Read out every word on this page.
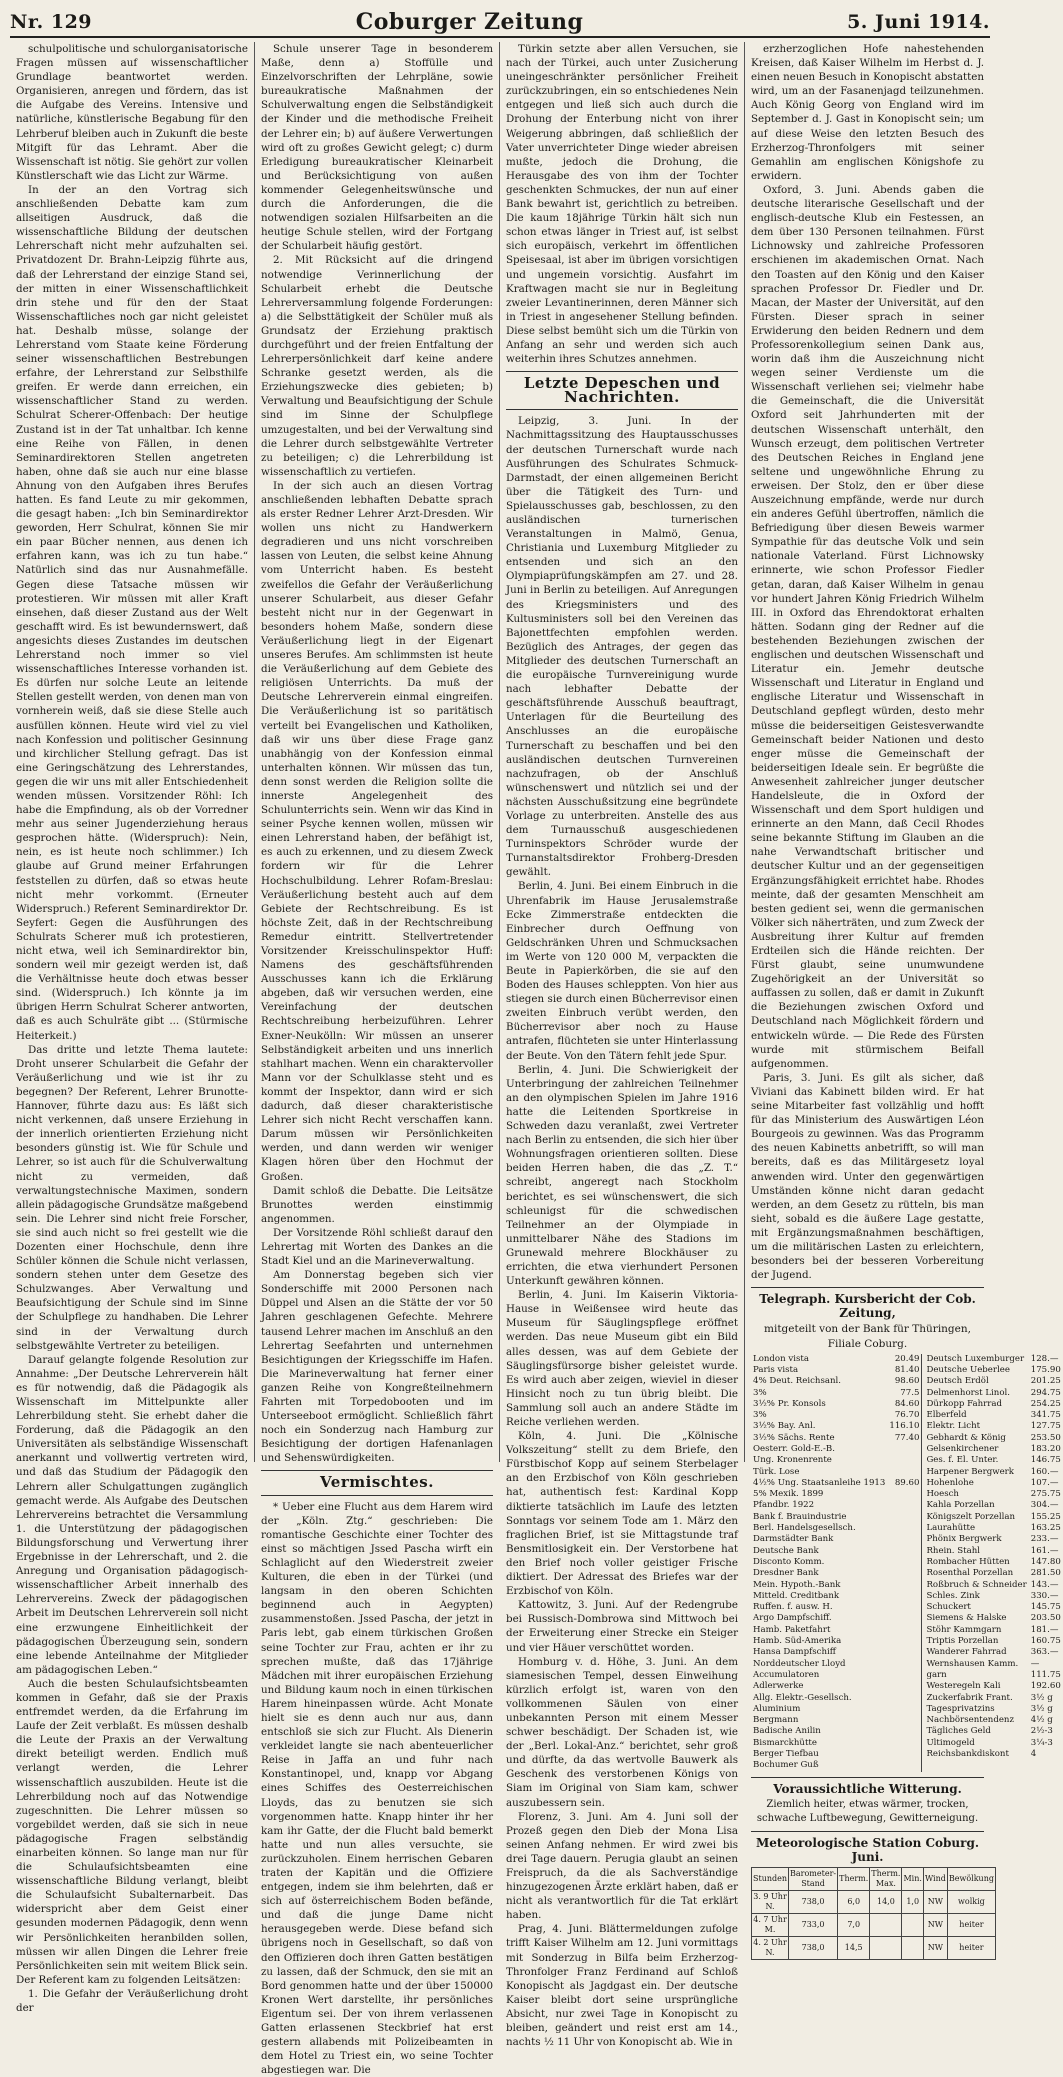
Nr. 129	Coburger Zeitung	5. Juni 1914.

schulpolitische und schulorganisatorische Fragen müssen auf wissenschaftlicher Grundlage beantwortet werden. Organisieren, anregen und fördern, das ist die Aufgabe des Vereins. Intensive und natürliche, künstlerische Begabung für den Lehrberuf bleiben auch in Zukunft die beste Mitgift für das Lehramt. Aber die Wissenschaft ist nötig. Sie gehört zur vollen Künstlerschaft wie das Licht zur Wärme.

In der an den Vortrag sich anschließenden Debatte kam zum allseitigen Ausdruck, daß die wissenschaftliche Bildung der deutschen Lehrerschaft nicht mehr aufzuhalten sei. Privatdozent Dr. Brahn-Leipzig führte aus, daß der Lehrerstand der einzige Stand sei, der mitten in einer Wissenschaftlichkeit drin stehe und für den der Staat Wissenschaftliches noch gar nicht geleistet hat. Deshalb müsse, solange der Lehrerstand vom Staate keine Förderung seiner wissenschaftlichen Bestrebungen erfahre, der Lehrerstand zur Selbsthilfe greifen. Er werde dann erreichen, ein wissenschaftlicher Stand zu werden. Schulrat Scherer-Offenbach: Der heutige Zustand ist in der Tat unhaltbar. Ich kenne eine Reihe von Fällen, in denen Seminardirektoren Stellen angetreten haben, ohne daß sie auch nur eine blasse Ahnung von den Aufgaben ihres Berufes hatten. Es fand Leute zu mir gekommen, die gesagt haben: „Ich bin Seminardirektor geworden, Herr Schulrat, können Sie mir ein paar Bücher nennen, aus denen ich erfahren kann, was ich zu tun habe.“ Natürlich sind das nur Ausnahmefälle. Gegen diese Tatsache müssen wir protestieren. Wir müssen mit aller Kraft einsehen, daß dieser Zustand aus der Welt geschafft wird. Es ist bewundernswert, daß angesichts dieses Zustandes im deutschen Lehrerstand noch immer so viel wissenschaftliches Interesse vorhanden ist. Es dürfen nur solche Leute an leitende Stellen gestellt werden, von denen man von vornherein weiß, daß sie diese Stelle auch ausfüllen können. Heute wird viel zu viel nach Konfession und politischer Gesinnung und kirchlicher Stellung gefragt. Das ist eine Geringschätzung des Lehrerstandes, gegen die wir uns mit aller Entschiedenheit wenden müssen. Vorsitzender Röhl: Ich habe die Empfindung, als ob der Vorredner mehr aus seiner Jugenderziehung heraus gesprochen hätte. (Widerspruch): Nein, nein, es ist heute noch schlimmer.) Ich glaube auf Grund meiner Erfahrungen feststellen zu dürfen, daß so etwas heute nicht mehr vorkommt. (Erneuter Widerspruch.) Referent Seminardirektor Dr. Seyfert: Gegen die Ausführungen des Schulrats Scherer muß ich protestieren, nicht etwa, weil ich Seminardirektor bin, sondern weil mir gezeigt werden ist, daß die Verhältnisse heute doch etwas besser sind. (Widerspruch.) Ich könnte ja im übrigen Herrn Schulrat Scherer antworten, daß es auch Schulräte gibt ... (Stürmische Heiterkeit.)

Das dritte und letzte Thema lautete: Droht unserer Schularbeit die Gefahr der Veräußerlichung und wie ist ihr zu begegnen? Der Referent, Lehrer Brunotte-Hannover, führte dazu aus: Es läßt sich nicht verkennen, daß unsere Erziehung in der innerlich orientierten Erziehung nicht besonders günstig ist. Wie für Schule und Lehrer, so ist auch für die Schulverwaltung nicht zu vermeiden, daß verwaltungstechnische Maximen, sondern allein pädagogische Grundsätze maßgebend sein. Die Lehrer sind nicht freie Forscher, sie sind auch nicht so frei gestellt wie die Dozenten einer Hochschule, denn ihre Schüler können die Schule nicht verlassen, sondern stehen unter dem Gesetze des Schulzwanges. Aber Verwaltung und Beaufsichtigung der Schule sind im Sinne der Schulpflege zu handhaben. Die Lehrer sind in der Verwaltung durch selbstgewählte Vertreter zu beteiligen.

Darauf gelangte folgende Resolution zur Annahme: „Der Deutsche Lehrerverein hält es für notwendig, daß die Pädagogik als Wissenschaft im Mittelpunkte aller Lehrerbildung steht. Sie erhebt daher die Forderung, daß die Pädagogik an den Universitäten als selbständige Wissenschaft anerkannt und vollwertig vertreten wird, und daß das Studium der Pädagogik den Lehrern aller Schulgattungen zugänglich gemacht werde. Als Aufgabe des Deutschen Lehrervereins betrachtet die Versammlung 1. die Unterstützung der pädagogischen Bildungsforschung und Verwertung ihrer Ergebnisse in der Lehrerschaft, und 2. die Anregung und Organisation pädagogisch-wissenschaftlicher Arbeit innerhalb des Lehrervereins. Zweck der pädagogischen Arbeit im Deutschen Lehrerverein soll nicht eine erzwungene Einheitlichkeit der pädagogischen Überzeugung sein, sondern eine lebende Anteilnahme der Mitglieder am pädagogischen Leben.“

Auch die besten Schulaufsichtsbeamten kommen in Gefahr, daß sie der Praxis entfremdet werden, da die Erfahrung im Laufe der Zeit verblaßt. Es müssen deshalb die Leute der Praxis an der Verwaltung direkt beteiligt werden. Endlich muß verlangt werden, die Lehrer wissenschaftlich auszubilden. Heute ist die Lehrerbildung noch auf das Notwendige zugeschnitten. Die Lehrer müssen so vorgebildet werden, daß sie sich in neue pädagogische Fragen selbständig einarbeiten können. So lange man nur für die Schulaufsichtsbeamten eine wissenschaftliche Bildung verlangt, bleibt die Schulaufsicht Subalternarbeit. Das widerspricht aber dem Geist einer gesunden modernen Pädagogik, denn wenn wir Persönlichkeiten heranbilden sollen, müssen wir allen Dingen die Lehrer freie Persönlichkeiten sein mit weitem Blick sein. Der Referent kam zu folgenden Leitsätzen:

1. Die Gefahr der Veräußerlichung droht der

Schule unserer Tage in besonderem Maße, denn a) Stoffülle und Einzelvorschriften der Lehrpläne, sowie bureaukratische Maßnahmen der Schulverwaltung engen die Selbständigkeit der Kinder und die methodische Freiheit der Lehrer ein; b) auf äußere Verwertungen wird oft zu großes Gewicht gelegt; c) durm Erledigung bureaukratischer Kleinarbeit und Berücksichtigung von außen kommender Gelegenheitswünsche und durch die Anforderungen, die die notwendigen sozialen Hilfsarbeiten an die heutige Schule stellen, wird der Fortgang der Schularbeit häufig gestört.

2. Mit Rücksicht auf die dringend notwendige Verinnerlichung der Schularbeit erhebt die Deutsche Lehrerversammlung folgende Forderungen: a) die Selbsttätigkeit der Schüler muß als Grundsatz der Erziehung praktisch durchgeführt und der freien Entfaltung der Lehrerpersönlichkeit darf keine andere Schranke gesetzt werden, als die Erziehungszwecke dies gebieten; b) Verwaltung und Beaufsichtigung der Schule sind im Sinne der Schulpflege umzugestalten, und bei der Verwaltung sind die Lehrer durch selbstgewählte Vertreter zu beteiligen; c) die Lehrerbildung ist wissenschaftlich zu vertiefen.

In der sich auch an diesen Vortrag anschließenden lebhaften Debatte sprach als erster Redner Lehrer Arzt-Dresden. Wir wollen uns nicht zu Handwerkern degradieren und uns nicht vorschreiben lassen von Leuten, die selbst keine Ahnung vom Unterricht haben. Es besteht zweifellos die Gefahr der Veräußerlichung unserer Schularbeit, aus dieser Gefahr besteht nicht nur in der Gegenwart in besonders hohem Maße, sondern diese Veräußerlichung liegt in der Eigenart unseres Berufes. Am schlimmsten ist heute die Veräußerlichung auf dem Gebiete des religiösen Unterrichts. Da muß der Deutsche Lehrerverein einmal eingreifen. Die Veräußerlichung ist so paritätisch verteilt bei Evangelischen und Katholiken, daß wir uns über diese Frage ganz unabhängig von der Konfession einmal unterhalten können. Wir müssen das tun, denn sonst werden die Religion sollte die innerste Angelegenheit des Schulunterrichts sein. Wenn wir das Kind in seiner Psyche kennen wollen, müssen wir einen Lehrerstand haben, der befähigt ist, es auch zu erkennen, und zu diesem Zweck fordern wir für die Lehrer Hochschulbildung. Lehrer Rofam-Breslau: Veräußerlichung besteht auch auf dem Gebiete der Rechtschreibung. Es ist höchste Zeit, daß in der Rechtschreibung Remedur eintritt. Stellvertretender Vorsitzender Kreisschulinspektor Huff: Namens des geschäftsführenden Ausschusses kann ich die Erklärung abgeben, daß wir versuchen werden, eine Vereinfachung der deutschen Rechtschreibung herbeizuführen. Lehrer Exner-Neukölln: Wir müssen an unserer Selbständigkeit arbeiten und uns innerlich stahlhart machen. Wenn ein charaktervoller Mann vor der Schulklasse steht und es kommt der Inspektor, dann wird er sich dadurch, daß dieser charakteristische Lehrer sich nicht Recht verschaffen kann. Darum müssen wir Persönlichkeiten werden, und dann werden wir weniger Klagen hören über den Hochmut der Großen.

Damit schloß die Debatte. Die Leitsätze Brunottes werden einstimmig angenommen.

Der Vorsitzende Röhl schließt darauf den Lehrertag mit Worten des Dankes an die Stadt Kiel und an die Marineverwaltung.

Am Donnerstag begeben sich vier Sonderschiffe mit 2000 Personen nach Düppel und Alsen an die Stätte der vor 50 Jahren geschlagenen Gefechte. Mehrere tausend Lehrer machen im Anschluß an den Lehrertag Seefahrten und unternehmen Besichtigungen der Kriegsschiffe im Hafen. Die Marineverwaltung hat ferner einer ganzen Reihe von Kongreßteilnehmern Fahrten mit Torpedobooten und im Unterseeboot ermöglicht. Schließlich fährt noch ein Sonderzug nach Hamburg zur Besichtigung der dortigen Hafenanlagen und Sehenswürdigkeiten.

Vermischtes.

* Ueber eine Flucht aus dem Harem wird der „Köln. Ztg.“ geschrieben: Die romantische Geschichte einer Tochter des einst so mächtigen Jssed Pascha wirft ein Schlaglicht auf den Wiederstreit zweier Kulturen, die eben in der Türkei (und langsam in den oberen Schichten beginnend auch in Aegypten) zusammenstoßen. Jssed Pascha, der jetzt in Paris lebt, gab einem türkischen Großen seine Tochter zur Frau, achten er ihr zu sprechen mußte, daß das 17jährige Mädchen mit ihrer europäischen Erziehung und Bildung kaum noch in einen türkischen Harem hineinpassen würde. Acht Monate hielt sie es denn auch nur aus, dann entschloß sie sich zur Flucht. Als Dienerin verkleidet langte sie nach abenteuerlicher Reise in Jaffa an und fuhr nach Konstantinopel, und, knapp vor Abgang eines Schiffes des Oesterreichischen Lloyds, das zu benutzen sie sich vorgenommen hatte. Knapp hinter ihr her kam ihr Gatte, der die Flucht bald bemerkt hatte und nun alles versuchte, sie zurückzuholen. Einem herrischen Gebaren traten der Kapitän und die Offiziere entgegen, indem sie ihm belehrten, daß er sich auf österreichischem Boden befände, und daß die junge Dame nicht herausgegeben werde. Diese befand sich übrigens noch in Gesellschaft, so daß von den Offizieren doch ihren Gatten bestätigen zu lassen, daß der Schmuck, den sie mit an Bord genommen hatte und der über 150000 Kronen Wert darstellte, ihr persönliches Eigentum sei. Der von ihrem verlassenen Gatten erlassenen Steckbrief hat erst gestern allabends mit Polizeibeamten in dem Hotel zu Triest ein, wo seine Tochter abgestiegen war. Die

Türkin setzte aber allen Versuchen, sie nach der Türkei, auch unter Zusicherung uneingeschränkter persönlicher Freiheit zurückzubringen, ein so entschiedenes Nein entgegen und ließ sich auch durch die Drohung der Enterbung nicht von ihrer Weigerung abbringen, daß schließlich der Vater unverrichteter Dinge wieder abreisen mußte, jedoch die Drohung, die Herausgabe des von ihm der Tochter geschenkten Schmuckes, der nun auf einer Bank bewahrt ist, gerichtlich zu betreiben. Die kaum 18jährige Türkin hält sich nun schon etwas länger in Triest auf, ist selbst sich europäisch, verkehrt im öffentlichen Speisesaal, ist aber im übrigen vorsichtigen und ungemein vorsichtig. Ausfahrt im Kraftwagen macht sie nur in Begleitung zweier Levantinerinnen, deren Männer sich in Triest in angesehener Stellung befinden. Diese selbst bemüht sich um die Türkin von Anfang an sehr und werden sich auch weiterhin ihres Schutzes annehmen.

Letzte Depeschen und Nachrichten.

Leipzig, 3. Juni. In der Nachmittagssitzung des Hauptausschusses der deutschen Turnerschaft wurde nach Ausführungen des Schulrates Schmuck-Darmstadt, der einen allgemeinen Bericht über die Tätigkeit des Turn- und Spielausschusses gab, beschlossen, zu den ausländischen turnerischen Veranstaltungen in Malmö, Genua, Christiania und Luxemburg Mitglieder zu entsenden und sich an den Olympiaprüfungskämpfen am 27. und 28. Juni in Berlin zu beteiligen. Auf Anregungen des Kriegsministers und des Kultusministers soll bei den Vereinen das Bajonettfechten empfohlen werden. Bezüglich des Antrages, der gegen das Mitglieder des deutschen Turnerschaft an die europäische Turnvereinigung wurde nach lebhafter Debatte der geschäftsführende Ausschuß beauftragt, Unterlagen für die Beurteilung des Anschlusses an die europäische Turnerschaft zu beschaffen und bei den ausländischen deutschen Turnvereinen nachzufragen, ob der Anschluß wünschenswert und nützlich sei und der nächsten Ausschußsitzung eine begründete Vorlage zu unterbreiten. Anstelle des aus dem Turnausschuß ausgeschiedenen Turninspektors Schröder wurde der Turnanstaltsdirektor Frohberg-Dresden gewählt.

Berlin, 4. Juni. Bei einem Einbruch in die Uhrenfabrik im Hause Jerusalemstraße Ecke Zimmerstraße entdeckten die Einbrecher durch Oeffnung von Geldschränken Uhren und Schmucksachen im Werte von 120 000 M, verpackten die Beute in Papierkörben, die sie auf den Boden des Hauses schleppten. Von hier aus stiegen sie durch einen Bücherrevisor einen zweiten Einbruch verübt werden, den Bücherrevisor aber noch zu Hause antrafen, flüchteten sie unter Hinterlassung der Beute. Von den Tätern fehlt jede Spur.

Berlin, 4. Juni. Die Schwierigkeit der Unterbringung der zahlreichen Teilnehmer an den olympischen Spielen im Jahre 1916 hatte die Leitenden Sportkreise in Schweden dazu veranlaßt, zwei Vertreter nach Berlin zu entsenden, die sich hier über Wohnungsfragen orientieren sollten. Diese beiden Herren haben, die das „Z. T.“ schreibt, angeregt nach Stockholm berichtet, es sei wünschenswert, die sich schleunigst für die schwedischen Teilnehmer an der Olympiade in unmittelbarer Nähe des Stadions im Grunewald mehrere Blockhäuser zu errichten, die etwa vierhundert Personen Unterkunft gewähren können.

Berlin, 4. Juni. Im Kaiserin Viktoria-Hause in Weißensee wird heute das Museum für Säuglingspflege eröffnet werden. Das neue Museum gibt ein Bild alles dessen, was auf dem Gebiete der Säuglingsfürsorge bisher geleistet wurde. Es wird auch aber zeigen, wieviel in dieser Hinsicht noch zu tun übrig bleibt. Die Sammlung soll auch an andere Städte im Reiche verliehen werden.

Köln, 4. Juni. Die „Kölnische Volkszeitung“ stellt zu dem Briefe, den Fürstbischof Kopp auf seinem Sterbelager an den Erzbischof von Köln geschrieben hat, authentisch fest: Kardinal Kopp diktierte tatsächlich im Laufe des letzten Sonntags vor seinem Tode am 1. März den fraglichen Brief, ist sie Mittagstunde traf Bensmitlosigkeit ein. Der Verstorbene hat den Brief noch voller geistiger Frische diktiert. Der Adressat des Briefes war der Erzbischof von Köln.

Kattowitz, 3. Juni. Auf der Redengrube bei Russisch-Dombrowa sind Mittwoch bei der Erweiterung einer Strecke ein Steiger und vier Häuer verschüttet worden.

Homburg v. d. Höhe, 3. Juni. An dem siamesischen Tempel, dessen Einweihung kürzlich erfolgt ist, waren von den vollkommenen Säulen von einer unbekannten Person mit einem Messer schwer beschädigt. Der Schaden ist, wie der „Berl. Lokal-Anz.“ berichtet, sehr groß und dürfte, da das wertvolle Bauwerk als Geschenk des verstorbenen Königs von Siam im Original von Siam kam, schwer auszubessern sein.

Florenz, 3. Juni. Am 4. Juni soll der Prozeß gegen den Dieb der Mona Lisa seinen Anfang nehmen. Er wird zwei bis drei Tage dauern. Perugia glaubt an seinen Freispruch, da die als Sachverständige hinzugezogenen Ärzte erklärt haben, daß er nicht als verantwortlich für die Tat erklärt haben.

Prag, 4. Juni. Blättermeldungen zufolge trifft Kaiser Wilhelm am 12. Juni vormittags mit Sonderzug in Bilfa beim Erzherzog-Thronfolger Franz Ferdinand auf Schloß Konopischt als Jagdgast ein. Der deutsche Kaiser bleibt dort seine ursprüngliche Absicht, nur zwei Tage in Konopischt zu bleiben, geändert und reist erst am 14., nachts ½ 11 Uhr von Konopischt ab. Wie in

erzherzoglichen Hofe nahestehenden Kreisen, daß Kaiser Wilhelm im Herbst d. J. einen neuen Besuch in Konopischt abstatten wird, um an der Fasanenjagd teilzunehmen. Auch König Georg von England wird im September d. J. Gast in Konopischt sein; um auf diese Weise den letzten Besuch des Erzherzog-Thronfolgers mit seiner Gemahlin am englischen Königshofe zu erwidern.

Oxford, 3. Juni. Abends gaben die deutsche literarische Gesellschaft und der englisch-deutsche Klub ein Festessen, an dem über 130 Personen teilnahmen. Fürst Lichnowsky und zahlreiche Professoren erschienen im akademischen Ornat. Nach den Toasten auf den König und den Kaiser sprachen Professor Dr. Fiedler und Dr. Macan, der Master der Universität, auf den Fürsten. Dieser sprach in seiner Erwiderung den beiden Rednern und dem Professorenkollegium seinen Dank aus, worin daß ihm die Auszeichnung nicht wegen seiner Verdienste um die Wissenschaft verliehen sei; vielmehr habe die Gemeinschaft, die die Universität Oxford seit Jahrhunderten mit der deutschen Wissenschaft unterhält, den Wunsch erzeugt, dem politischen Vertreter des Deutschen Reiches in England jene seltene und ungewöhnliche Ehrung zu erweisen. Der Stolz, den er über diese Auszeichnung empfände, werde nur durch ein anderes Gefühl übertroffen, nämlich die Befriedigung über diesen Beweis warmer Sympathie für das deutsche Volk und sein nationale Vaterland. Fürst Lichnowsky erinnerte, wie schon Professor Fiedler getan, daran, daß Kaiser Wilhelm in genau vor hundert Jahren König Friedrich Wilhelm III. in Oxford das Ehrendoktorat erhalten hätten. Sodann ging der Redner auf die bestehenden Beziehungen zwischen der englischen und deutschen Wissenschaft und Literatur ein. Jemehr deutsche Wissenschaft und Literatur in England und englische Literatur und Wissenschaft in Deutschland gepflegt würden, desto mehr müsse die beiderseitigen Geistesverwandte Gemeinschaft beider Nationen und desto enger müsse die Gemeinschaft der beiderseitigen Ideale sein. Er begrüßte die Anwesenheit zahlreicher junger deutscher Handelsleute, die in Oxford der Wissenschaft und dem Sport huldigen und erinnerte an den Mann, daß Cecil Rhodes seine bekannte Stiftung im Glauben an die nahe Verwandtschaft britischer und deutscher Kultur und an der gegenseitigen Ergänzungsfähigkeit errichtet habe. Rhodes meinte, daß der gesamten Menschheit am besten gedient sei, wenn die germanischen Völker sich näherträten, und zum Zweck der Ausbreitung ihrer Kultur auf fremden Erdteilen sich die Hände reichten. Der Fürst glaubt, seine unumwundene Zugehörigkeit an der Universität so auffassen zu sollen, daß er damit in Zukunft die Beziehungen zwischen Oxford und Deutschland nach Möglichkeit fördern und entwickeln würde. — Die Rede des Fürsten wurde mit stürmischem Beifall aufgenommen.

Paris, 3. Juni. Es gilt als sicher, daß Viviani das Kabinett bilden wird. Er hat seine Mitarbeiter fast vollzählig und hofft für das Ministerium des Auswärtigen Léon Bourgeois zu gewinnen. Was das Programm des neuen Kabinetts anbetrifft, so will man bereits, daß es das Militärgesetz loyal anwenden wird. Unter den gegenwärtigen Umständen könne nicht daran gedacht werden, an dem Gesetz zu rütteln, bis man sieht, sobald es die äußere Lage gestatte, mit Ergänzungsmaßnahmen beschäftigen, um die militärischen Lasten zu erleichtern, besonders bei der besseren Vorbereitung der Jugend.

Telegraph. Kursbericht der Cob. Zeitung,
mitgeteilt von der Bank für Thüringen,
Filiale Coburg.
London vista	20.49	Deutsch Luxemburger	128.—
Paris vista	81.40	Deutsche Ueberlee	175.90
4% Deut. Reichsanl.	98.60	Deutsch Erdöl	201.25
3%	77.5	Delmenhorst Linol.	294.75
3½% Pr. Konsols	84.60	Dürkopp Fahrrad	254.25
3%	76.70	Elberfeld	341.75
3½% Bay. Anl.	116.10	Elektr. Licht	127.75
3½% Sächs. Rente	77.40	Gebhardt & König	253.50
Oesterr. Gold-E.-B.		Gelsenkirchener	183.20
Ung. Kronenrente		Ges. f. El. Unter.	146.75
Türk. Lose		Harpener Bergwerk	160.—
4½% Ung. Staatsanleihe 1913	89.60	Hohenlohe	107.—
5% Mexik. 1899		Hoesch	275.75
Pfandbr. 1922		Kahla Porzellan	304.—
Bank f. Brauindustrie		Königszelt Porzellan	155.25
Berl. Handelsgesellsch.		Laurahütte	163.25
Darmstädter Bank		Phönix Bergwerk	233.—
Deutsche Bank		Rhein. Stahl	161.—
Disconto Komm.		Rombacher Hütten	147.80
Dresdner Bank		Rosenthal Porzellan	281.50
Mein. Hypoth.-Bank		Roßbruch & Schneider	143.—
Mitteld. Creditbank		Schles. Zink	330.—
Ruffen. f. ausw. H.		Schuckert	145.75
Argo Dampfschiff.		Siemens & Halske	203.50
Hamb. Paketfahrt		Stöhr Kammgarn	181.—
Hamb. Süd-Amerika		Triptis Porzellan	160.75
Hansa Dampfschiff		Wanderer Fahrrad	363.—
Norddeutscher Lloyd		Wernshausen Kamm.	—
Accumulatoren		garn	111.75
Adlerwerke		Westeregeln Kali	192.60
Allg. Elektr.-Gesellsch.		Zuckerfabrik Frant.	3½ g
Aluminium		Tagesprivatzins	3½ g
Bergmann		Nachbörsentendenz	4½ g
Badische Anilin		Tägliches Geld	2½-3
Bismarckhütte		Ultimogeld	3¼-3
Berger Tiefbau		Reichsbankdiskont	4
Bochumer Guß			
Voraussichtliche Witterung.
Ziemlich heiter, etwas wärmer, trocken, schwache Luftbewegung, Gewitterneigung.
Meteorologische Station Coburg. Juni.
Stunden	Barometer-Stand	Therm.	Therm. Max.	Min.	Wind	Bewölkung
3. 9 Uhr N.	738,0	6,0	14,0	1,0	NW	wolkig
4. 7 Uhr M.	733,0	7,0			NW	heiter
4. 2 Uhr N.	738,0	14,5			NW	heiter
